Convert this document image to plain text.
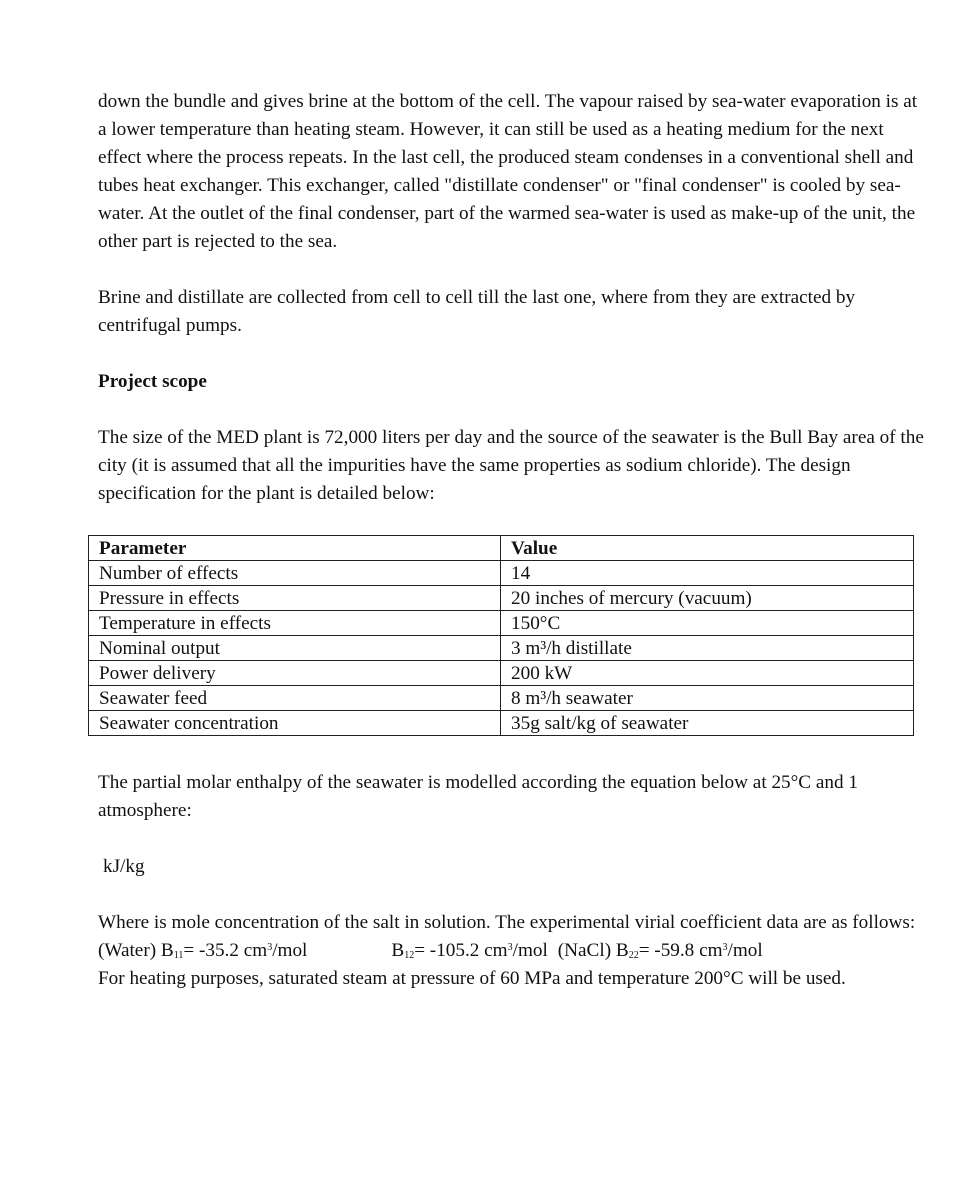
down the bundle and gives brine at the bottom of the cell. The vapour raised by sea-water evaporation is at a lower temperature than heating steam. However, it can still be used as a heating medium for the next effect where the process repeats. In the last cell, the produced steam condenses in a conventional shell and tubes heat exchanger. This exchanger, called "distillate condenser" or "final condenser" is cooled by sea-water. At the outlet of the final condenser, part of the warmed sea-water is used as make-up of the unit, the other part is rejected to the sea.

Brine and distillate are collected from cell to cell till the last one, where from they are extracted by centrifugal pumps.

Project scope

The size of the MED plant is 72,000 liters per day and the source of the seawater is the Bull Bay area of the city (it is assumed that all the impurities have the same properties as sodium chloride). The design specification for the plant is detailed below:

Parameter	Value
Number of effects	14
Pressure in effects	20 inches of mercury (vacuum)
Temperature in effects	150°C
Nominal output	3 m³/h distillate
Power delivery	200 kW
Seawater feed	8 m³/h seawater
Seawater concentration	35g salt/kg of seawater

The partial molar enthalpy of the seawater is modelled according the equation below at 25°C and 1 atmosphere:

kJ/kg

Where is mole concentration of the salt in solution. The experimental virial coefficient data are as follows:

(Water) $B_{11}= -35.2$ $cm^3$/mol	$B_{12}= -105.2$ $cm^3$/mol (NaCl) $B_{22}= -59.8$ $cm^3$/mol

For heating purposes, saturated steam at pressure of 60 MPa and temperature 200°C will be used.
